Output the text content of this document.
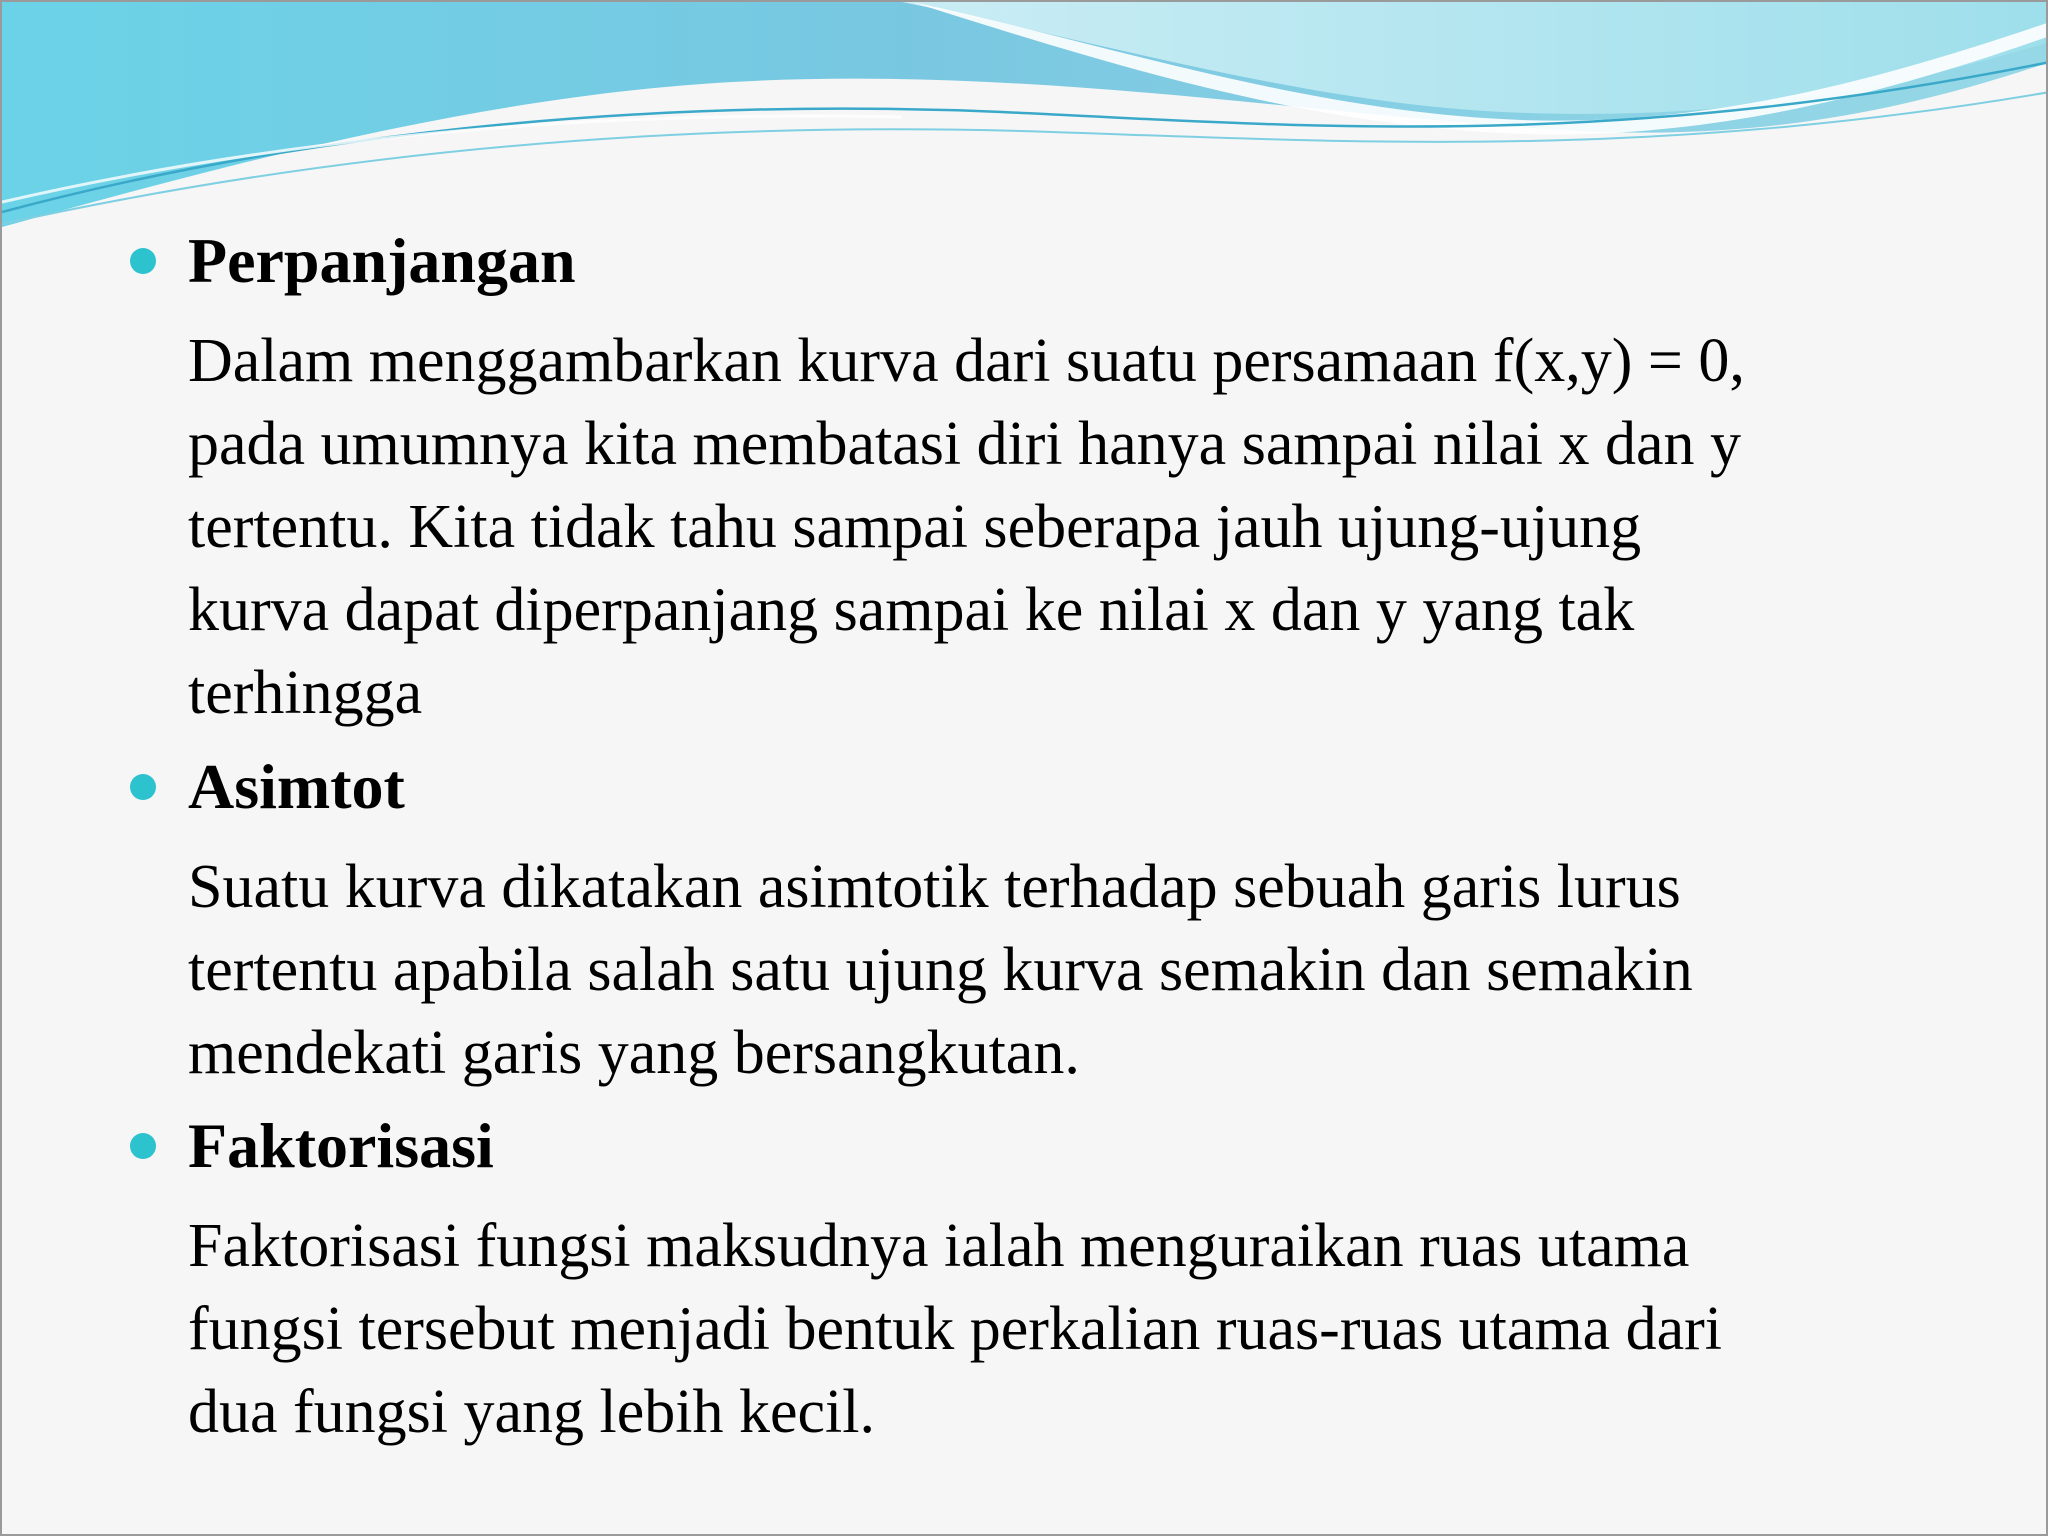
Perpanjangan
Dalam menggambarkan kurva dari suatu persamaan f(x,y) = 0,
pada umumnya kita membatasi diri hanya sampai nilai x dan y
tertentu. Kita tidak tahu sampai seberapa jauh ujung-ujung
kurva dapat diperpanjang sampai ke nilai x dan y yang tak
terhingga
Asimtot
Suatu kurva dikatakan asimtotik terhadap sebuah garis lurus
tertentu apabila salah satu ujung kurva semakin dan semakin
mendekati garis yang bersangkutan.
Faktorisasi
Faktorisasi fungsi maksudnya ialah menguraikan ruas utama
fungsi tersebut menjadi bentuk perkalian ruas-ruas utama dari
dua fungsi yang lebih kecil.
